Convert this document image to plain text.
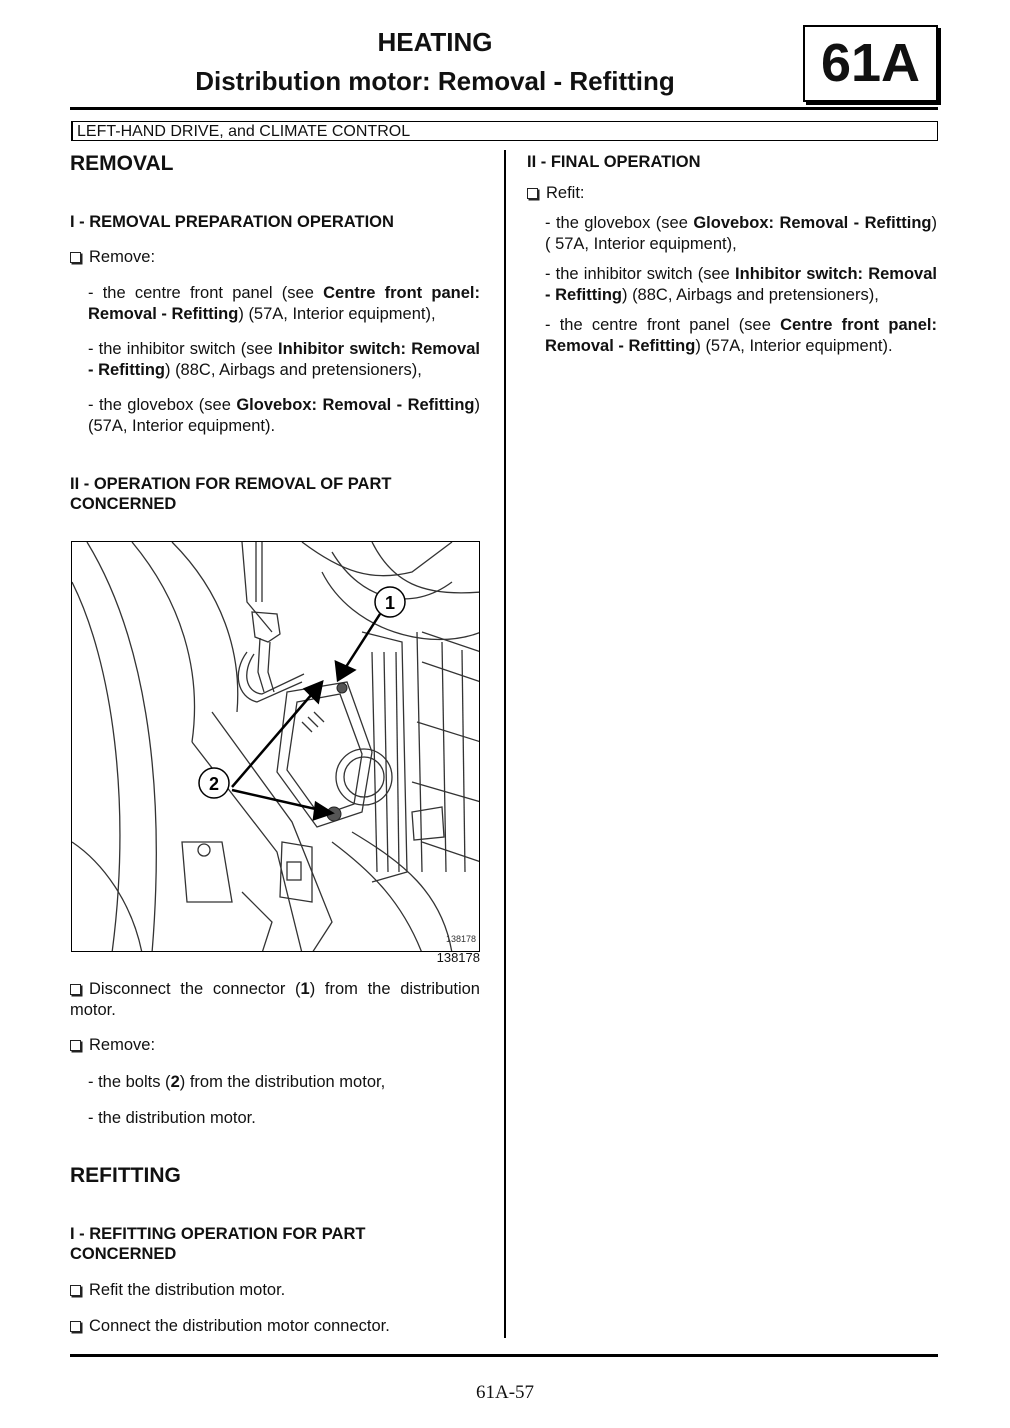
HEATING
Distribution motor: Removal - Refitting	61A
LEFT-HAND DRIVE, and CLIMATE CONTROL
REMOVAL
I - REMOVAL PREPARATION OPERATION
Remove:
- the centre front panel (see Centre front panel: Removal - Refitting) (57A, Interior equipment),
- the inhibitor switch (see Inhibitor switch: Removal - Refitting) (88C, Airbags and pretensioners),
- the glovebox (see Glovebox: Removal - Refitting) (57A, Interior equipment).
II - OPERATION FOR REMOVAL OF PART
CONCERNED
1
2
138178
138178
Disconnect the connector (1) from the distribution motor.
Remove:
- the bolts (2) from the distribution motor,
- the distribution motor.
REFITTING
I - REFITTING OPERATION FOR PART
CONCERNED
Refit the distribution motor.
Connect the distribution motor connector.
II - FINAL OPERATION
Refit:
- the glovebox (see Glovebox: Removal - Refitting) ( 57A, Interior equipment),
- the inhibitor switch (see Inhibitor switch: Removal - Refitting) (88C, Airbags and pretensioners),
- the centre front panel (see Centre front panel: Removal - Refitting) (57A, Interior equipment).
61A-57
